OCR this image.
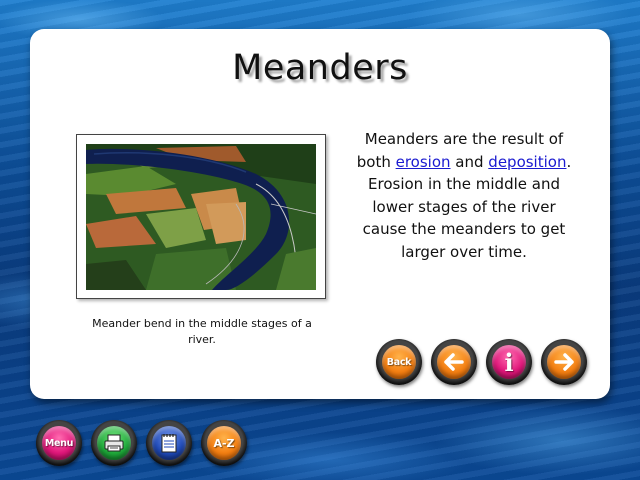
Meanders
Meander bend in the middle stages of a river.
Meanders are the result of both erosion and deposition. Erosion in the middle and lower stages of the river cause the meanders to get larger over time.
Back	i
Menu	A-Z
